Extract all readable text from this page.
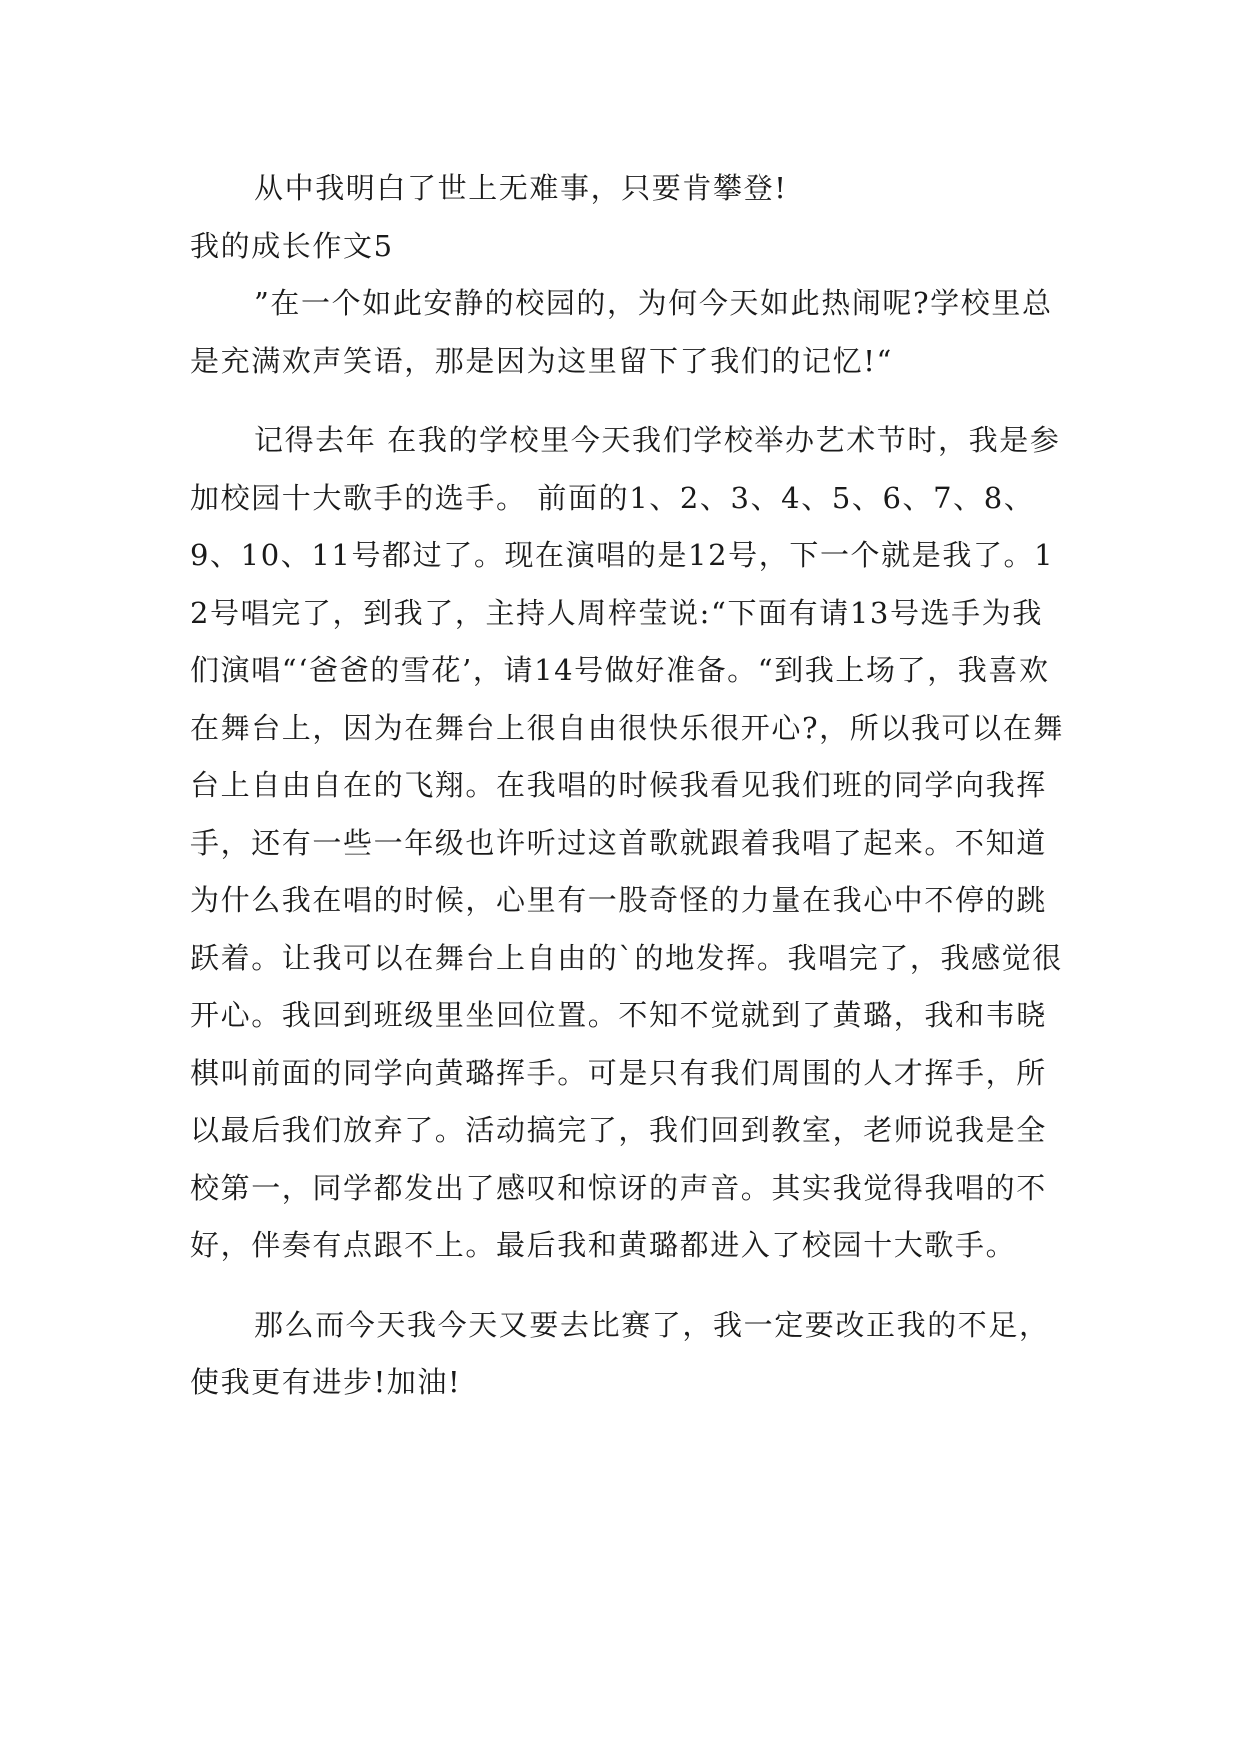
从中我明白了世上无难事，只要肯攀登!

我的成长作文5

”在一个如此安静的校园的，为何今天如此热闹呢?学校里总是充满欢声笑语，那是因为这里留下了我们的记忆!“

记得去年 在我的学校里今天我们学校举办艺术节时，我是参加校园十大歌手的选手。 前面的1、2、3、4、5、6、7、8、9、10、11号都过了。现在演唱的是12号，下一个就是我了。12号唱完了，到我了，主持人周梓莹说:“下面有请13号选手为我们演唱“‘爸爸的雪花’，请14号做好准备。“到我上场了，我喜欢在舞台上，因为在舞台上很自由很快乐很开心?，所以我可以在舞台上自由自在的飞翔。在我唱的时候我看见我们班的同学向我挥手，还有一些一年级也许听过这首歌就跟着我唱了起来。不知道为什么我在唱的时候，心里有一股奇怪的力量在我心中不停的跳跃着。让我可以在舞台上自由的`的地发挥。我唱完了，我感觉很开心。我回到班级里坐回位置。不知不觉就到了黄璐，我和韦晓棋叫前面的同学向黄璐挥手。可是只有我们周围的人才挥手，所以最后我们放弃了。活动搞完了，我们回到教室，老师说我是全校第一，同学都发出了感叹和惊讶的声音。其实我觉得我唱的不好，伴奏有点跟不上。最后我和黄璐都进入了校园十大歌手。

那么而今天我今天又要去比赛了，我一定要改正我的不足，使我更有进步!加油!
